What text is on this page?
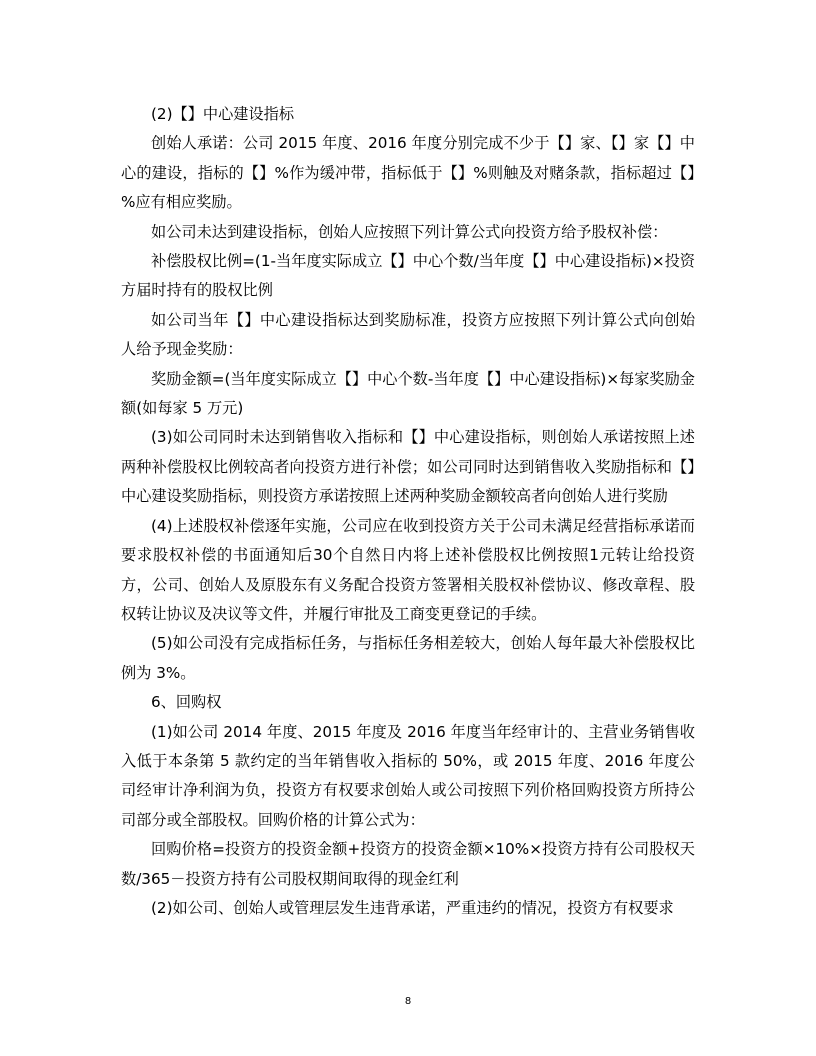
(2)【】中心建设指标

创始人承诺：公司 2015 年度、2016 年度分别完成不少于【】家、【】家【】中心的建设，指标的【】%作为缓冲带，指标低于【】%则触及对赌条款，指标超过【】%应有相应奖励。

如公司未达到建设指标，创始人应按照下列计算公式向投资方给予股权补偿：

补偿股权比例=(1-当年度实际成立【】中心个数/当年度【】中心建设指标)×投资方届时持有的股权比例

如公司当年【】中心建设指标达到奖励标准，投资方应按照下列计算公式向创始人给予现金奖励：

奖励金额=(当年度实际成立【】中心个数-当年度【】中心建设指标)×每家奖励金额(如每家 5 万元)

(3)如公司同时未达到销售收入指标和【】中心建设指标，则创始人承诺按照上述两种补偿股权比例较高者向投资方进行补偿；如公司同时达到销售收入奖励指标和【】中心建设奖励指标，则投资方承诺按照上述两种奖励金额较高者向创始人进行奖励

(4)上述股权补偿逐年实施，公司应在收到投资方关于公司未满足经营指标承诺而要求股权补偿的书面通知后30个自然日内将上述补偿股权比例按照1元转让给投资方，公司、创始人及原股东有义务配合投资方签署相关股权补偿协议、修改章程、股权转让协议及决议等文件，并履行审批及工商变更登记的手续。

(5)如公司没有完成指标任务，与指标任务相差较大，创始人每年最大补偿股权比例为 3%。

6、回购权

(1)如公司 2014 年度、2015 年度及 2016 年度当年经审计的、主营业务销售收入低于本条第 5 款约定的当年销售收入指标的 50%，或 2015 年度、2016 年度公司经审计净利润为负，投资方有权要求创始人或公司按照下列价格回购投资方所持公司部分或全部股权。回购价格的计算公式为：

回购价格=投资方的投资金额+投资方的投资金额×10%×投资方持有公司股权天数/365－投资方持有公司股权期间取得的现金红利

(2)如公司、创始人或管理层发生违背承诺，严重违约的情况，投资方有权要求

8
